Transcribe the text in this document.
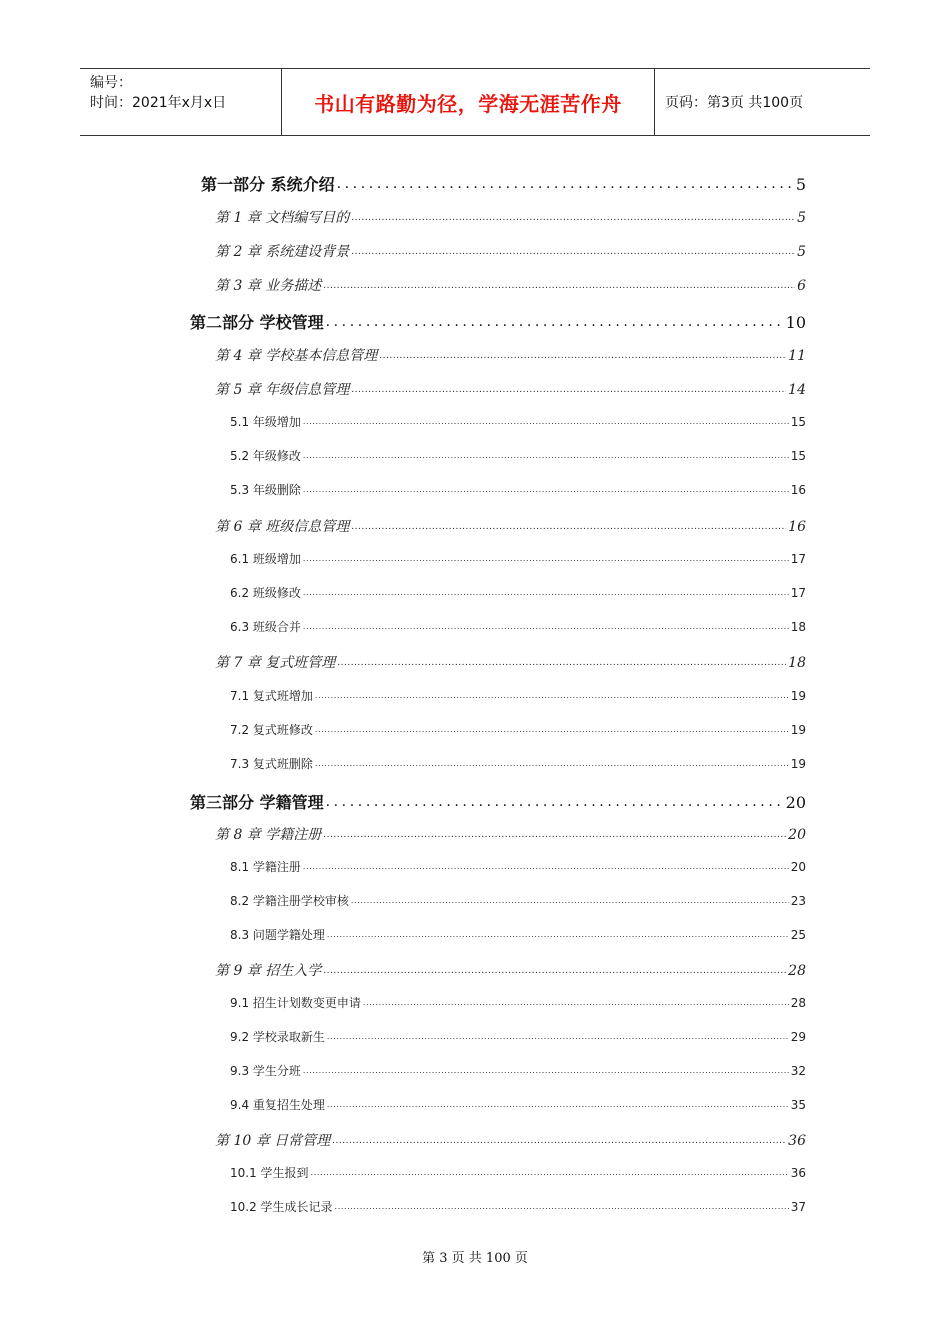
编号：
时间：2021年x月x日	书山有路勤为径，学海无涯苦作舟	页码：第3页 共100页
第一部分 系统介绍 .....	5
第 1 章 文档编写目的 .....	5
第 2 章 系统建设背景 .....	5
第 3 章 业务描述 .....	6
第二部分 学校管理 .....	10
第 4 章 学校基本信息管理 .....	11
第 5 章 年级信息管理 .....	14
5.1 年级增加 .....	15
5.2 年级修改 .....	15
5.3 年级删除 .....	16
第 6 章 班级信息管理 .....	16
6.1 班级增加 .....	17
6.2 班级修改 .....	17
6.3 班级合并 .....	18
第 7 章 复式班管理 .....	18
7.1 复式班增加 .....	19
7.2 复式班修改 .....	19
7.3 复式班删除 .....	19
第三部分 学籍管理 .....	20
第 8 章 学籍注册 .....	20
8.1 学籍注册 .....	20
8.2 学籍注册学校审核 .....	23
8.3 问题学籍处理 .....	25
第 9 章 招生入学 .....	28
9.1 招生计划数变更申请 .....	28
9.2 学校录取新生 .....	29
9.3 学生分班 .....	32
9.4 重复招生处理 .....	35
第 10 章 日常管理 .....	36
10.1 学生报到 .....	36
10.2 学生成长记录 .....	37
第 3 页 共 100 页
